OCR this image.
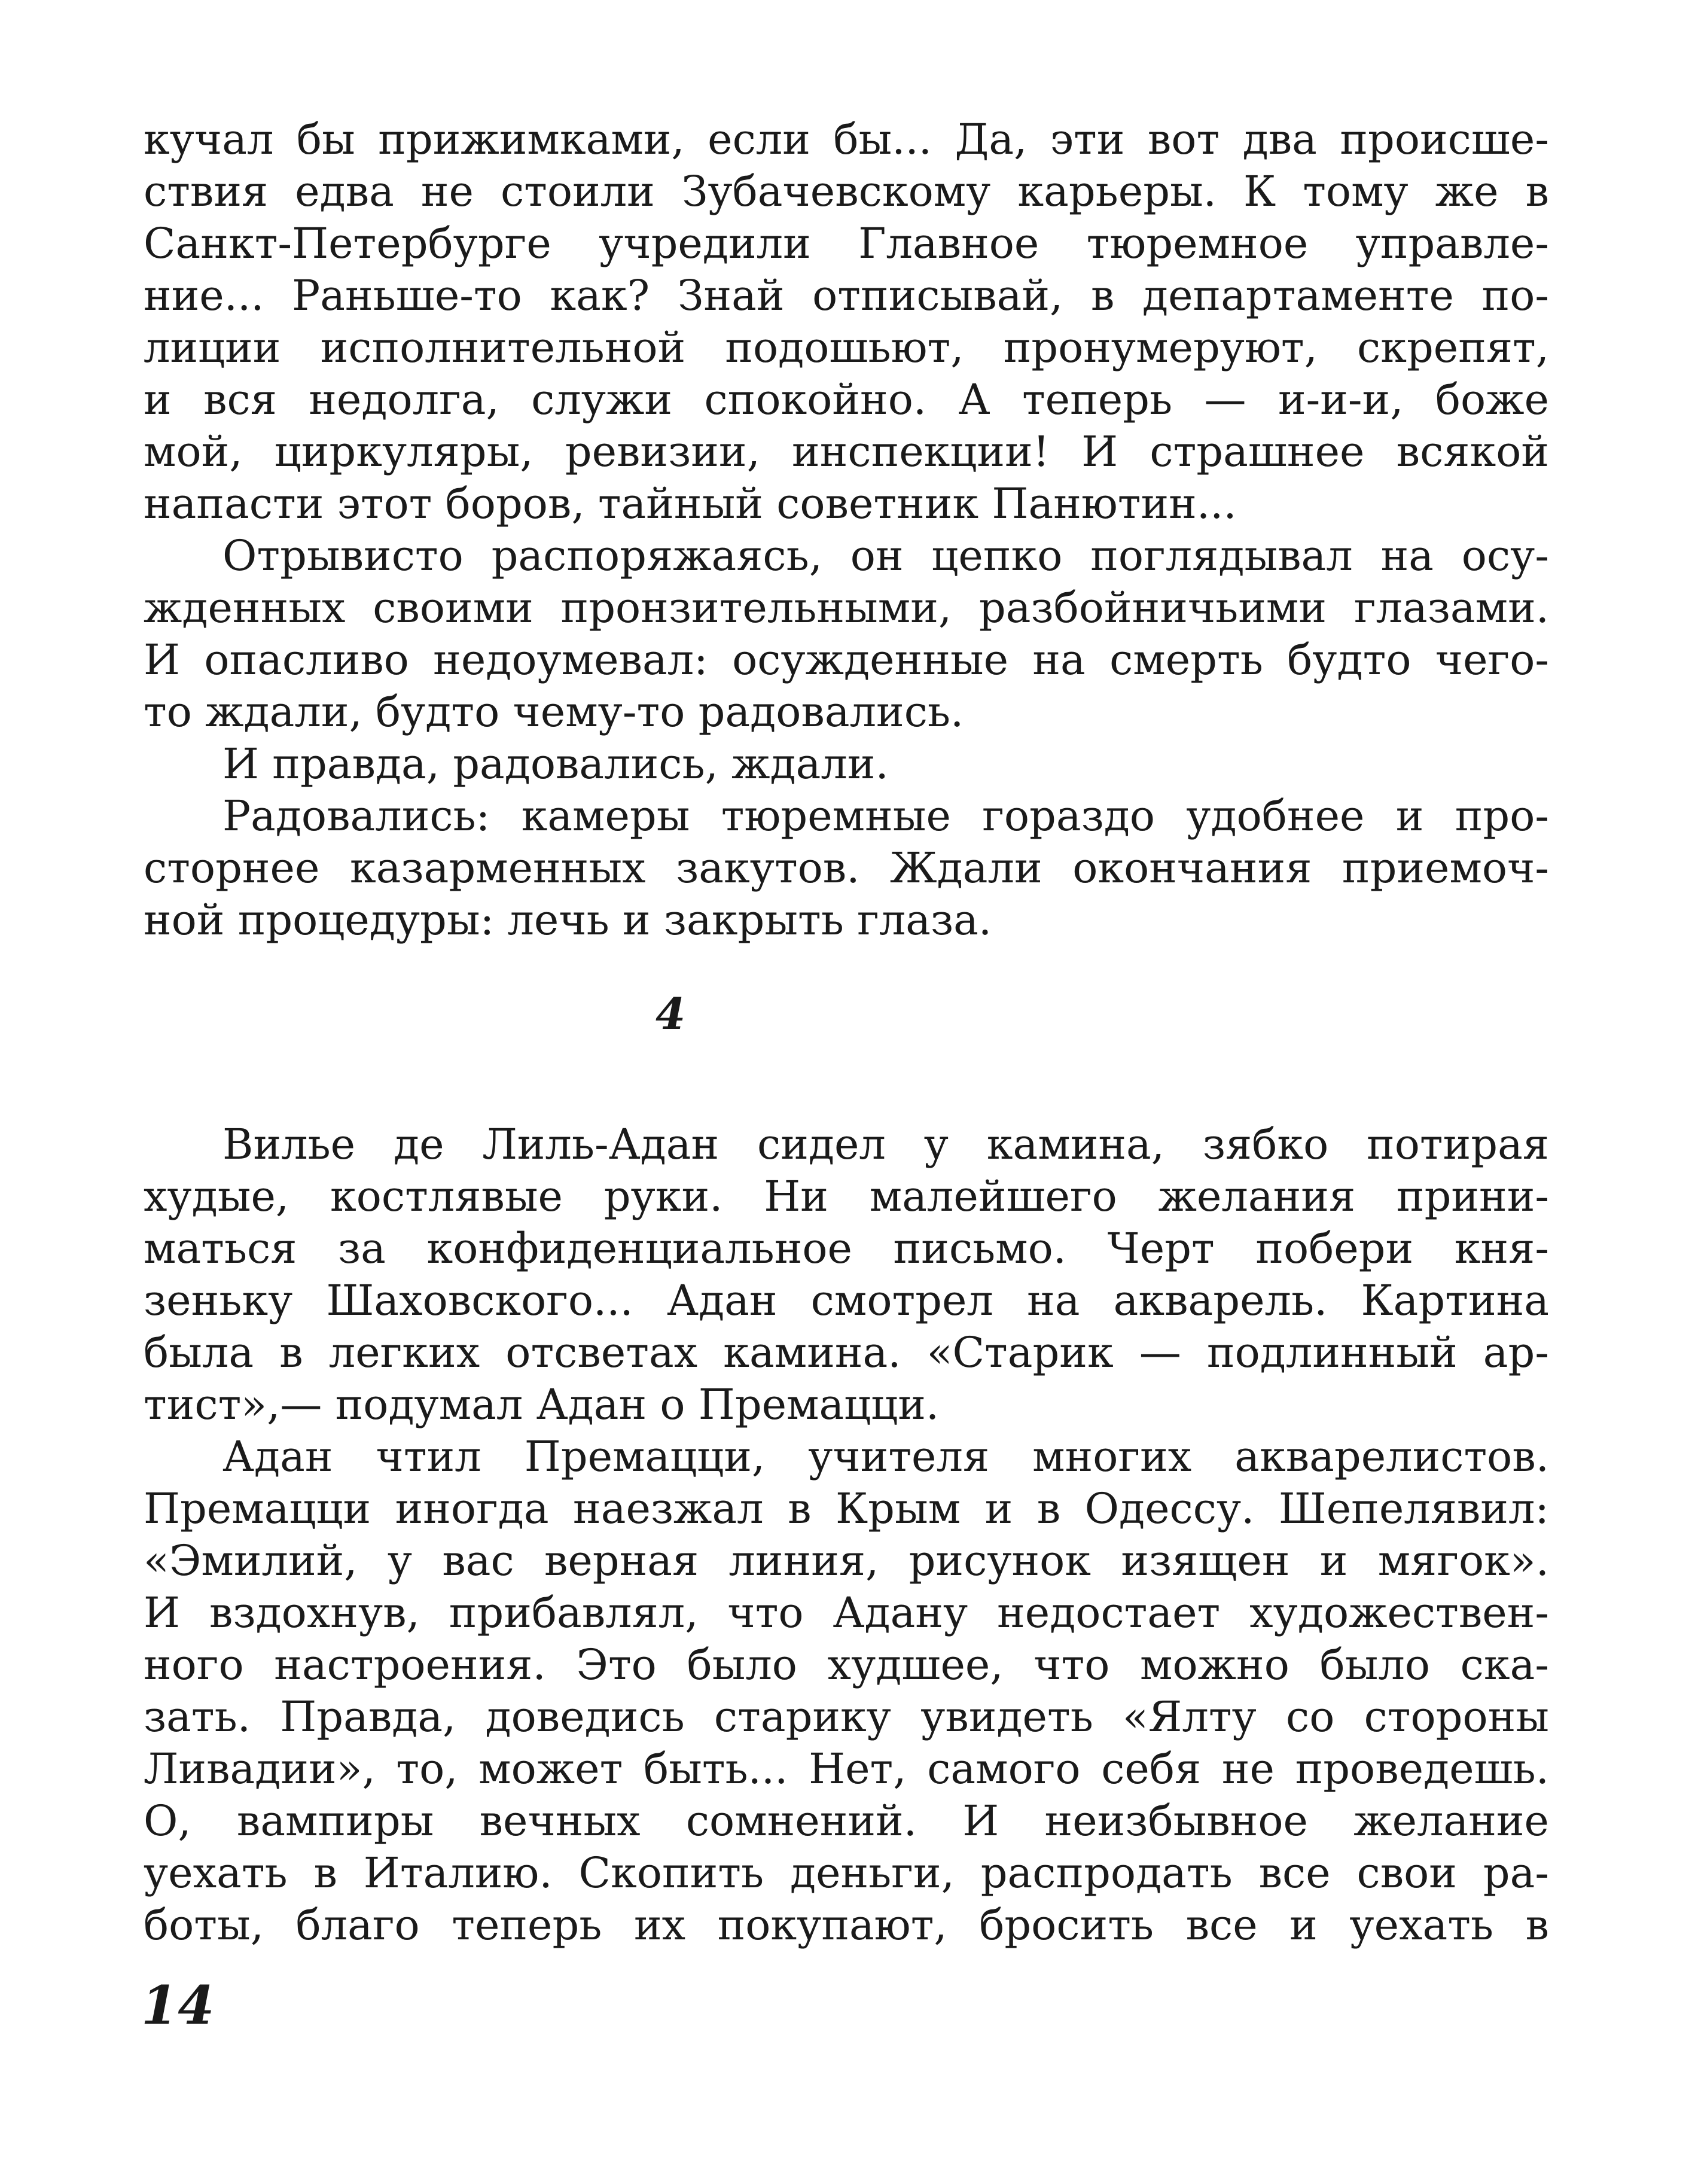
кучал бы прижимками, если бы... Да, эти вот два происше-
ствия едва не стоили Зубачевскому карьеры. К тому же в
Санкт-Петербурге учредили Главное тюремное управле-
ние... Раньше-то как? Знай отписывай, в департаменте по-
лиции исполнительной подошьют, пронумеруют, скрепят,
и вся недолга, служи спокойно. А теперь — и-и-и, боже
мой, циркуляры, ревизии, инспекции! И страшнее всякой
напасти этот боров, тайный советник Панютин...
Отрывисто распоряжаясь, он цепко поглядывал на осу-
жденных своими пронзительными, разбойничьими глазами.
И опасливо недоумевал: осужденные на смерть будто чего-
то ждали, будто чему-то радовались.
И правда, радовались, ждали.
Радовались: камеры тюремные гораздо удобнее и про-
сторнее казарменных закутов. Ждали окончания приемоч-
ной процедуры: лечь и закрыть глаза.
4
Вилье де Лиль-Адан сидел у камина, зябко потирая
худые, костлявые руки. Ни малейшего желания прини-
маться за конфиденциальное письмо. Черт побери кня-
зеньку Шаховского... Адан смотрел на акварель. Картина
была в легких отсветах камина. «Старик — подлинный ар-
тист»,— подумал Адан о Премацци.
Адан чтил Премацци, учителя многих акварелистов.
Премацци иногда наезжал в Крым и в Одессу. Шепелявил:
«Эмилий, у вас верная линия, рисунок изящен и мягок».
И вздохнув, прибавлял, что Адану недостает художествен-
ного настроения. Это было худшее, что можно было ска-
зать. Правда, доведись старику увидеть «Ялту со стороны
Ливадии», то, может быть... Нет, самого себя не проведешь.
О, вампиры вечных сомнений. И неизбывное желание
уехать в Италию. Скопить деньги, распродать все свои ра-
боты, благо теперь их покупают, бросить все и уехать в
14
